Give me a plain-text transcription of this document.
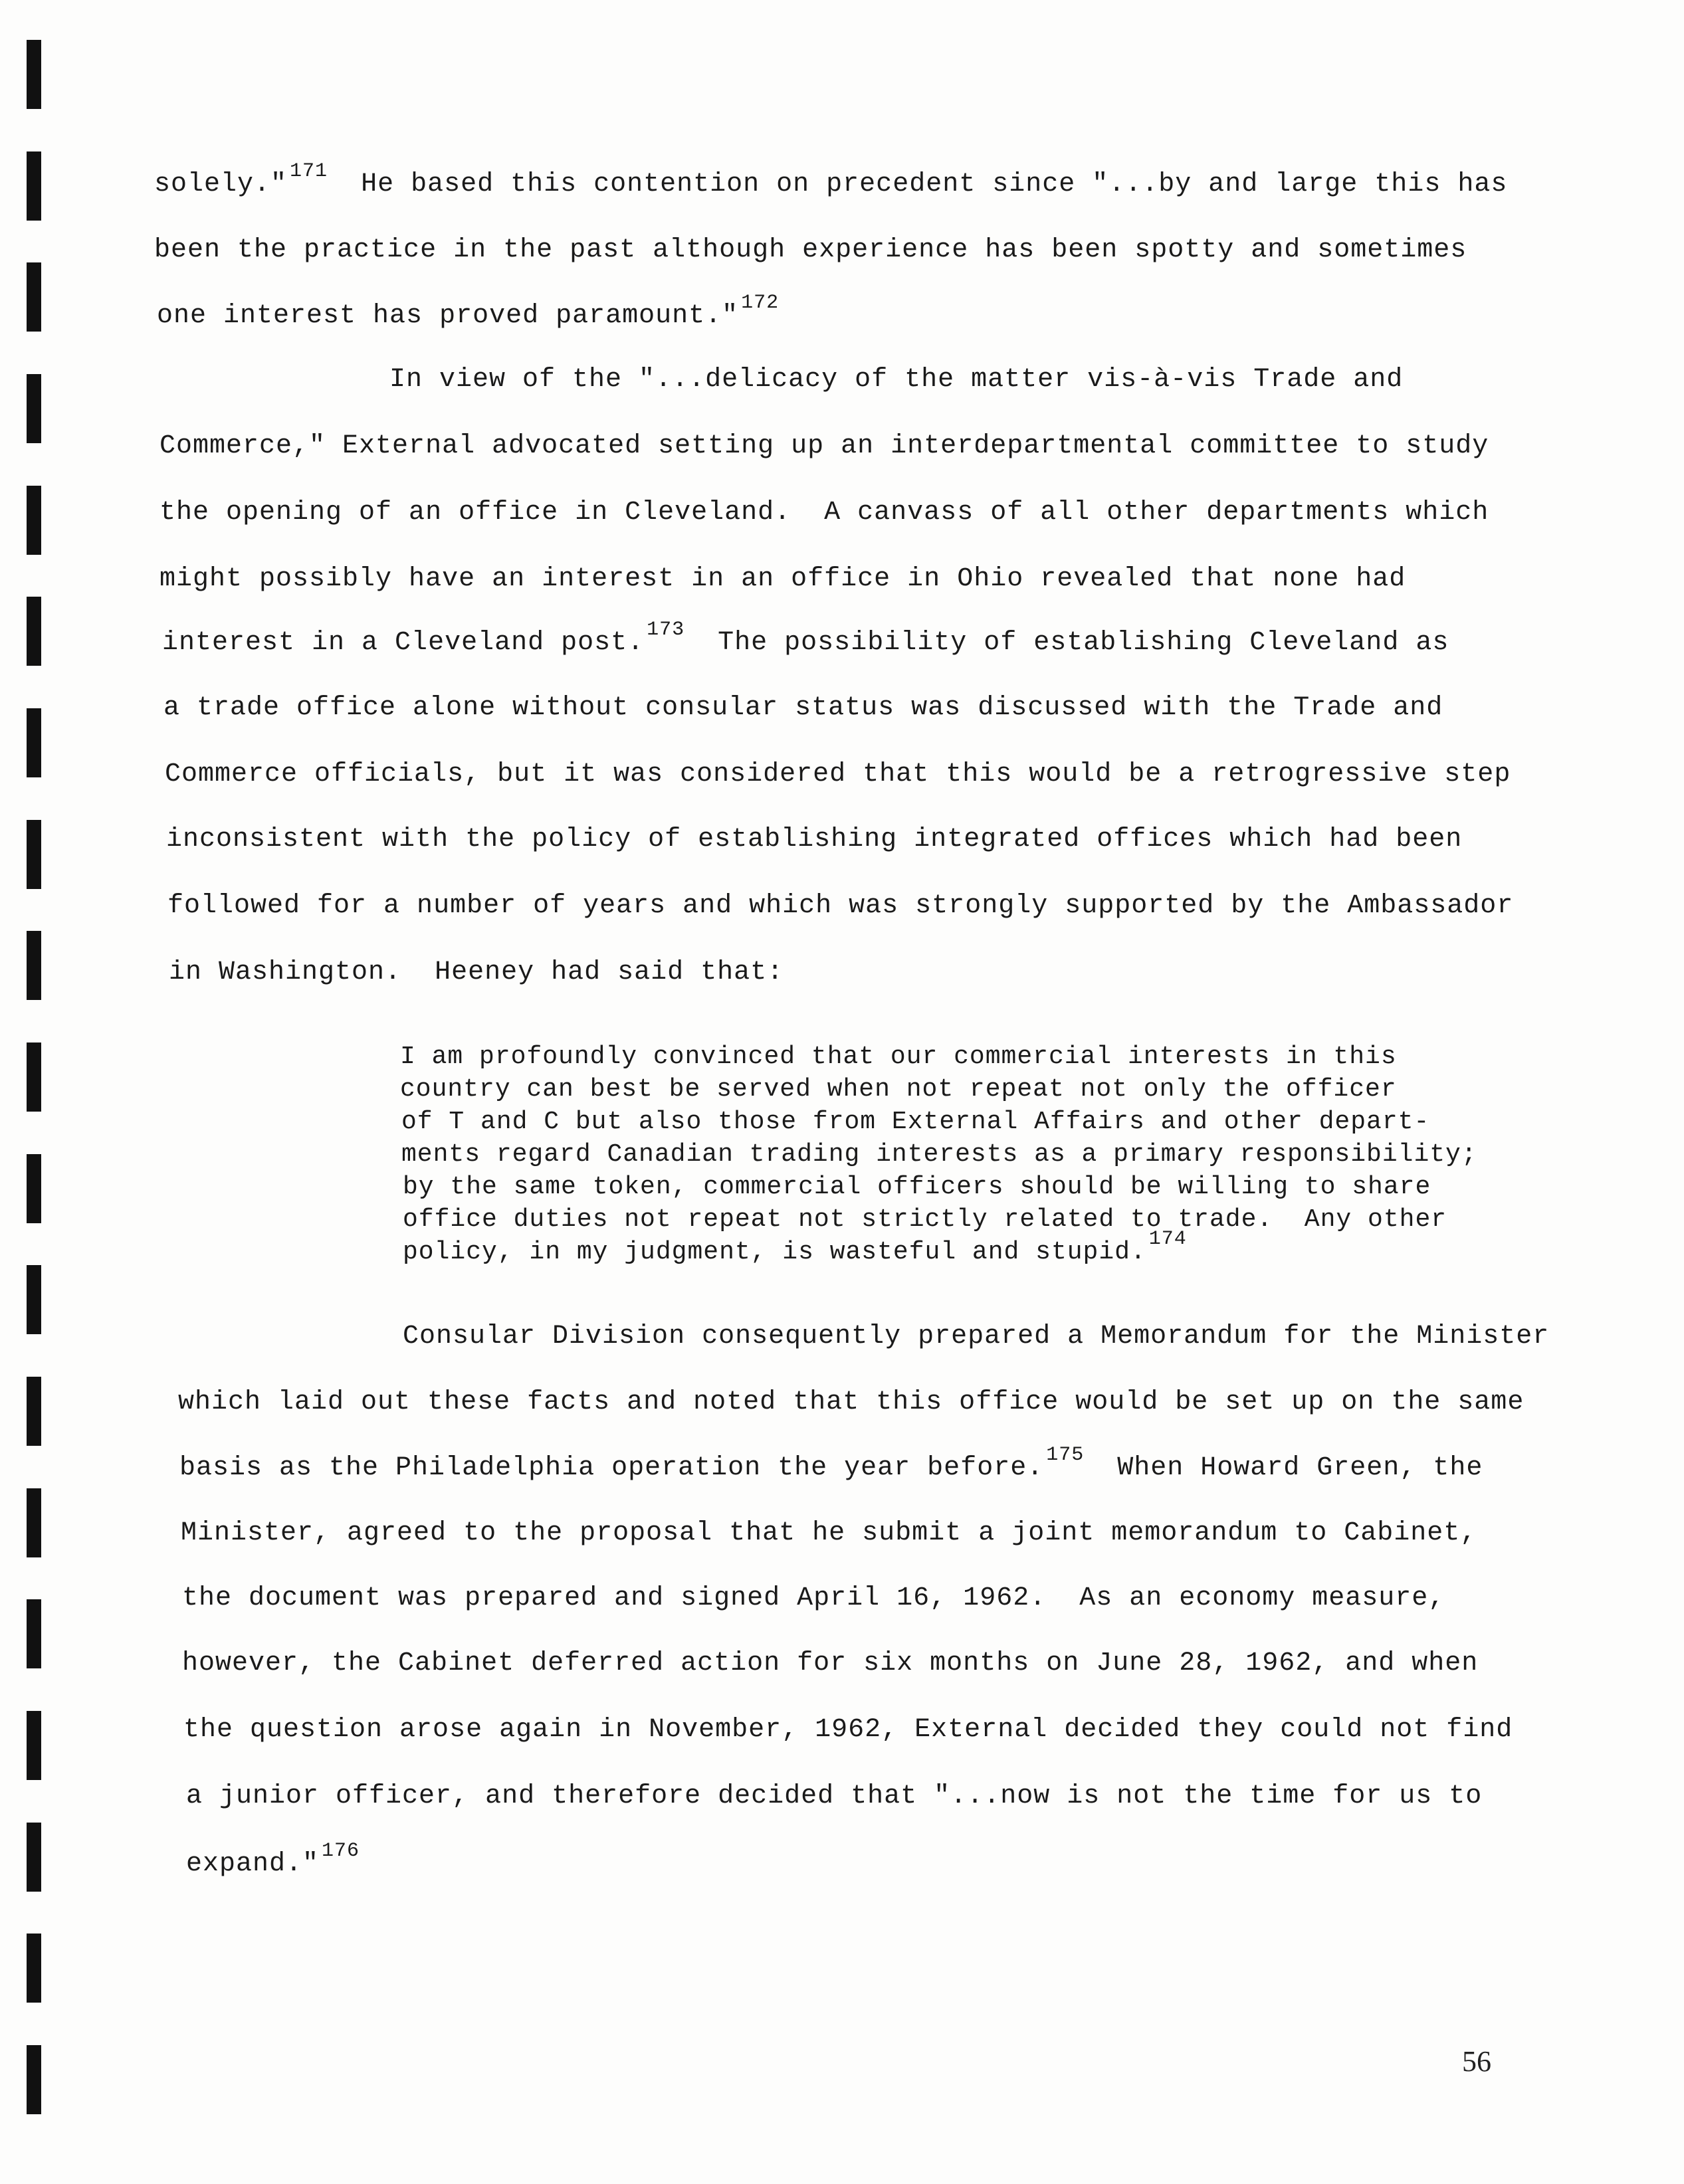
solely." $^{171}$ He based this contention on precedent since "...by and large this has
been the practice in the past although experience has been spotty and sometimes
one interest has proved paramount." $^{172}$
In view of the "...delicacy of the matter vis-à-vis Trade and
Commerce," External advocated setting up an interdepartmental committee to study
the opening of an office in Cleveland.  A canvass of all other departments which
might possibly have an interest in an office in Ohio revealed that none had
interest in a Cleveland post. $^{173}$ The possibility of establishing Cleveland as
a trade office alone without consular status was discussed with the Trade and
Commerce officials, but it was considered that this would be a retrogressive step
inconsistent with the policy of establishing integrated offices which had been
followed for a number of years and which was strongly supported by the Ambassador
in Washington.  Heeney had said that:
I am profoundly convinced that our commercial interests in this
country can best be served when not repeat not only the officer
of T and C but also those from External Affairs and other depart-
ments regard Canadian trading interests as a primary responsibility;
by the same token, commercial officers should be willing to share
office duties not repeat not strictly related to trade.  Any other
policy, in my judgment, is wasteful and stupid. $^{174}$
Consular Division consequently prepared a Memorandum for the Minister
which laid out these facts and noted that this office would be set up on the same
basis as the Philadelphia operation the year before. $^{175}$ When Howard Green, the
Minister, agreed to the proposal that he submit a joint memorandum to Cabinet,
the document was prepared and signed April 16, 1962.  As an economy measure,
however, the Cabinet deferred action for six months on June 28, 1962, and when
the question arose again in November, 1962, External decided they could not find
a junior officer, and therefore decided that "...now is not the time for us to
expand." $^{176}$
56
